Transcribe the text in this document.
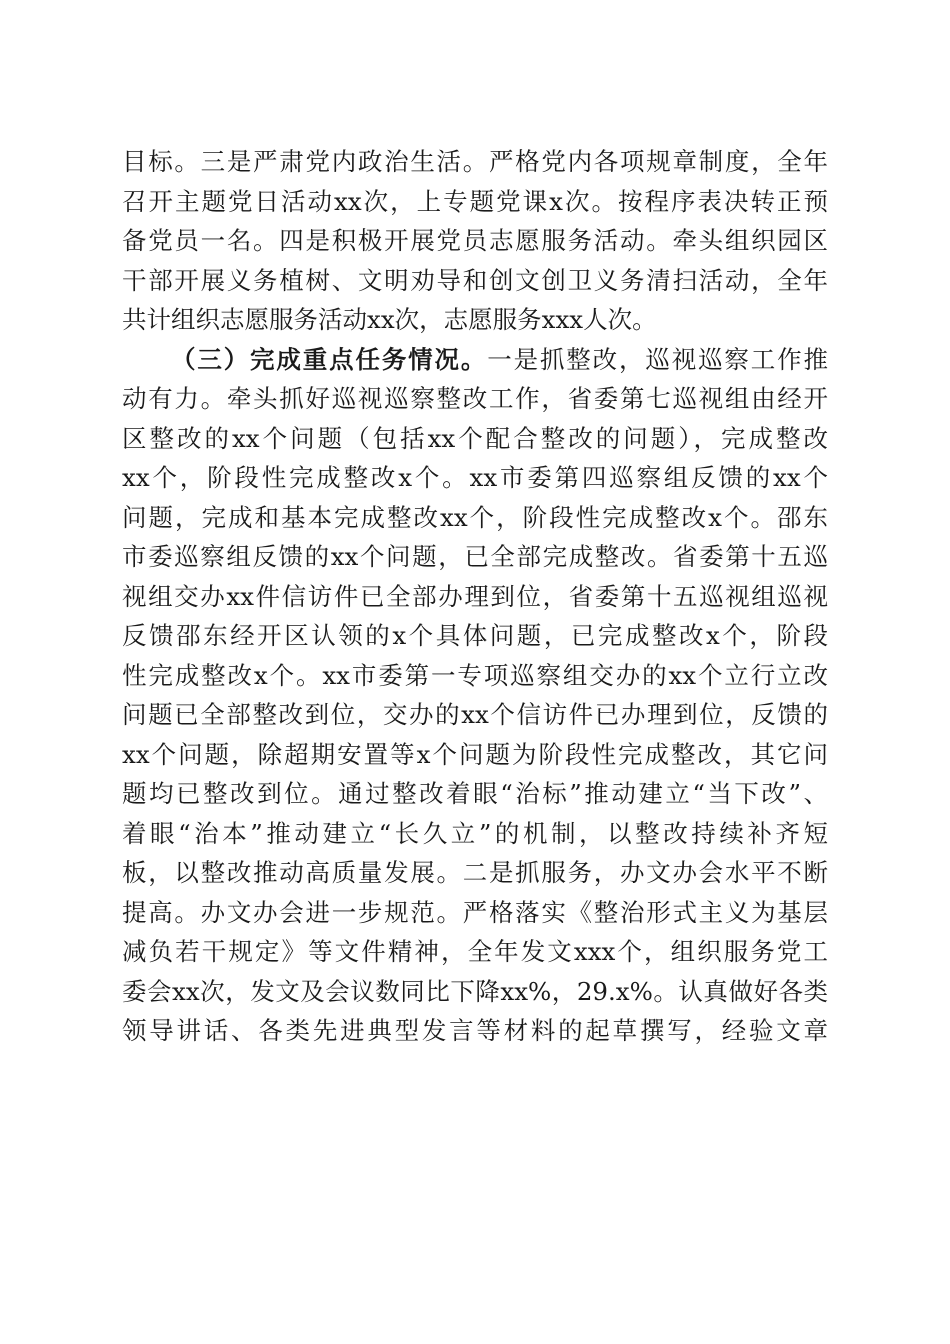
目标。三是严肃党内政治生活。严格党内各项规章制度，全年
召开主题党日活动xx次，上专题党课x次。按程序表决转正预
备党员一名。四是积极开展党员志愿服务活动。牵头组织园区
干部开展义务植树、文明劝导和创文创卫义务清扫活动，全年
共计组织志愿服务活动xx次，志愿服务xxx人次。
（三）完成重点任务情况。一是抓整改，巡视巡察工作推
动有力。牵头抓好巡视巡察整改工作，省委第七巡视组由经开
区整改的xx个问题（包括xx个配合整改的问题），完成整改
xx个，阶段性完成整改x个。xx市委第四巡察组反馈的xx个
问题，完成和基本完成整改xx个，阶段性完成整改x个。邵东
市委巡察组反馈的xx个问题，已全部完成整改。省委第十五巡
视组交办xx件信访件已全部办理到位，省委第十五巡视组巡视
反馈邵东经开区认领的x个具体问题，已完成整改x个，阶段
性完成整改x个。xx市委第一专项巡察组交办的xx个立行立改
问题已全部整改到位，交办的xx个信访件已办理到位，反馈的
xx个问题，除超期安置等x个问题为阶段性完成整改，其它问
题均已整改到位。通过整改着眼“治标”推动建立“当下改”、
着眼“治本”推动建立“长久立”的机制，以整改持续补齐短
板，以整改推动高质量发展。二是抓服务，办文办会水平不断
提高。办文办会进一步规范。严格落实《整治形式主义为基层
减负若干规定》等文件精神，全年发文xxx个，组织服务党工
委会xx次，发文及会议数同比下降xx%，29.x%。认真做好各类
领导讲话、各类先进典型发言等材料的起草撰写，经验文章
